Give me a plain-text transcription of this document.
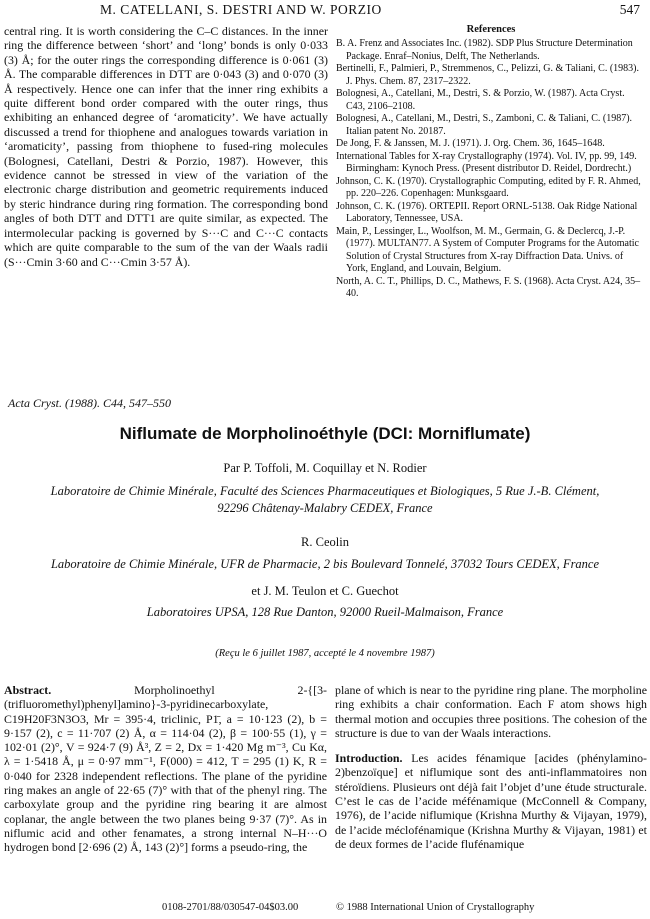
M. CATELLANI, S. DESTRI AND W. PORZIO	547

central ring. It is worth considering the C–C distances. In the inner ring the difference between ‘short’ and ‘long’ bonds is only 0·033 (3) Å; for the outer rings the corresponding difference is 0·061 (3) Å. The comparable differences in DTT are 0·043 (3) and 0·070 (3) Å respectively. Hence one can infer that the inner ring exhibits a quite different bond order compared with the outer rings, thus exhibiting an enhanced degree of ‘aromaticity’. We have actually discussed a trend for thiophene and analogues towards variation in ‘aromaticity’, passing from thiophene to fused-ring molecules (Bolognesi, Catellani, Destri & Porzio, 1987). However, this evidence cannot be stressed in view of the variation of the electronic charge distribution and geometric requirements induced by steric hindrance during ring formation. The corresponding bond angles of both DTT and DTT1 are quite similar, as expected. The intermolecular packing is governed by S···C and C···C contacts which are quite comparable to the sum of the van der Waals radii (S···Cmin 3·60 and C···Cmin 3·57 Å).

References

B. A. Frenz and Associates Inc. (1982). SDP Plus Structure Determination Package. Enraf–Nonius, Delft, The Netherlands.

Bertinelli, F., Palmieri, P., Stremmenos, C., Pelizzi, G. & Taliani, C. (1983). J. Phys. Chem. 87, 2317–2322.

Bolognesi, A., Catellani, M., Destri, S. & Porzio, W. (1987). Acta Cryst. C43, 2106–2108.

Bolognesi, A., Catellani, M., Destri, S., Zamboni, C. & Taliani, C. (1987). Italian patent No. 20187.

De Jong, F. & Janssen, M. J. (1971). J. Org. Chem. 36, 1645–1648.

International Tables for X-ray Crystallography (1974). Vol. IV, pp. 99, 149. Birmingham: Kynoch Press. (Present distributor D. Reidel, Dordrecht.)

Johnson, C. K. (1970). Crystallographic Computing, edited by F. R. Ahmed, pp. 220–226. Copenhagen: Munksgaard.

Johnson, C. K. (1976). ORTEPII. Report ORNL-5138. Oak Ridge National Laboratory, Tennessee, USA.

Main, P., Lessinger, L., Woolfson, M. M., Germain, G. & Declercq, J.-P. (1977). MULTAN77. A System of Computer Programs for the Automatic Solution of Crystal Structures from X-ray Diffraction Data. Univs. of York, England, and Louvain, Belgium.

North, A. C. T., Phillips, D. C., Mathews, F. S. (1968). Acta Cryst. A24, 35–40.

Acta Cryst. (1988). C44, 547–550
Niflumate de Morpholinoéthyle (DCI: Morniflumate)
Par P. Toffoli, M. Coquillay et N. Rodier
Laboratoire de Chimie Minérale, Faculté des Sciences Pharmaceutiques et Biologiques, 5 Rue J.-B. Clément,
92296 Châtenay-Malabry CEDEX, France
R. Ceolin
Laboratoire de Chimie Minérale, UFR de Pharmacie, 2 bis Boulevard Tonnelé, 37032 Tours CEDEX, France
et J. M. Teulon et C. Guechot
Laboratoires UPSA, 128 Rue Danton, 92000 Rueil-Malmaison, France
(Reçu le 6 juillet 1987, accepté le 4 novembre 1987)

Abstract.	Morpholinoethyl 2-{[3-(trifluoromethyl)phenyl]amino}-3-pyridinecarboxylate, C19H20F3N3O3, Mr = 395·4, triclinic, P1̄, a = 10·123 (2), b = 9·157 (2), c = 11·707 (2) Å, α = 114·04 (2), β = 100·55 (1), γ = 102·01 (2)°, V = 924·7 (9) Å³, Z = 2, Dx = 1·420 Mg m⁻³, Cu Kα, λ = 1·5418 Å, μ = 0·97 mm⁻¹, F(000) = 412, T = 295 (1) K, R = 0·040 for 2328 independent reflections. The plane of the pyridine ring makes an angle of 22·65 (7)° with that of the phenyl ring. The carboxylate group and the pyridine ring bearing it are almost coplanar, the angle between the two planes being 9·37 (7)°. As in niflumic acid and other fenamates, a strong internal N–H···O hydrogen bond [2·696 (2) Å, 143 (2)°] forms a pseudo-ring, the

plane of which is near to the pyridine ring plane. The morpholine ring exhibits a chair conformation. Each F atom shows high thermal motion and occupies three positions. The cohesion of the structure is due to van der Waals interactions.

Introduction. Les acides fénamique [acides (phénylamino-2)benzoïque] et niflumique sont des anti-inflammatoires non stéroïdiens. Plusieurs ont déjà fait l’objet d’une étude structurale. C’est le cas de l’acide méfénamique (McConnell & Company, 1976), de l’acide niflumique (Krishna Murthy & Vijayan, 1979), de l’acide méclofénamique (Krishna Murthy & Vijayan, 1981) et de deux formes de l’acide flufénamique

0108-2701/88/030547-04$03.00	© 1988 International Union of Crystallography
